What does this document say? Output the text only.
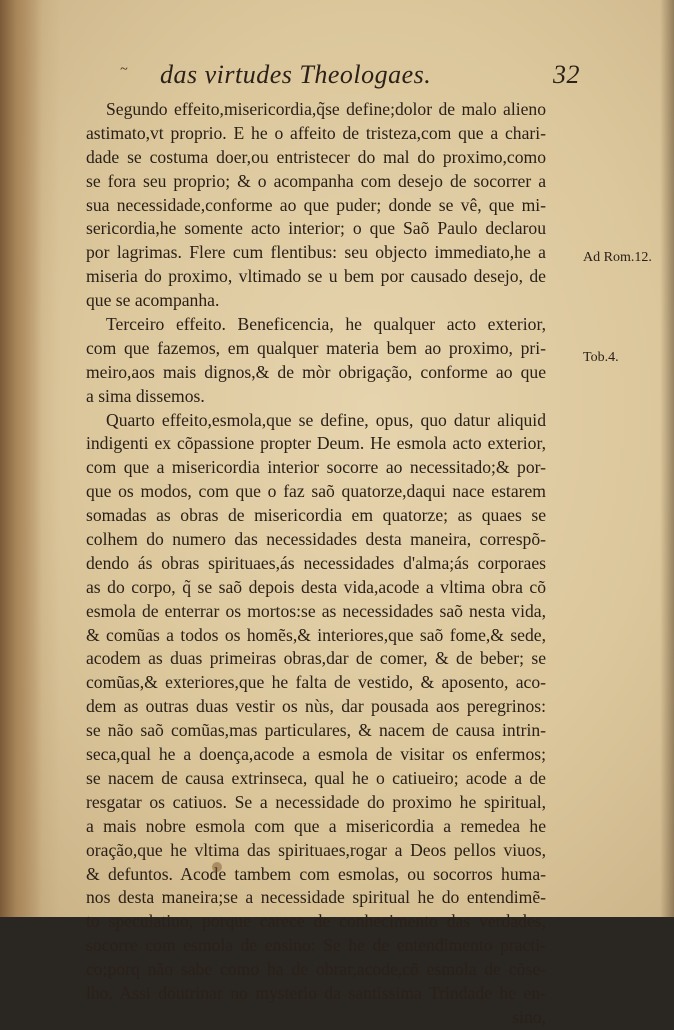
~ das virtudes Theologaes.	32
Segundo effeito,misericordia,q̃se define;dolor de malo alieno
astimato,vt proprio. E he o affeito de tristeza,com que a chari-
dade se costuma doer,ou entristecer do mal do proximo,como
se fora seu proprio; & o acompanha com desejo de socorrer a
sua necessidade,conforme ao que puder; donde se vê, que mi-
sericordia,he somente acto interior; o que Saõ Paulo declarou
por lagrimas. Flere cum flentibus: seu objecto immediato,he a
miseria do proximo, vltimado se u bem por causado desejo, de
que se acompanha.
Terceiro effeito. Beneficencia, he qualquer acto exterior,
com que fazemos, em qualquer materia bem ao proximo, pri-
meiro,aos mais dignos,& de mòr obrigação, conforme ao que
a sima dissemos.
Quarto effeito,esmola,que se define, opus, quo datur aliquid
indigenti ex cõpassione propter Deum. He esmola acto exterior,
com que a misericordia interior socorre ao necessitado;& por-
que os modos, com que o faz saõ quatorze,daqui nace estarem
somadas as obras de misericordia em quatorze; as quaes se
colhem do numero das necessidades desta maneira, correspõ-
dendo ás obras spirituaes,ás necessidades d'alma;ás corporaes
as do corpo, q̃ se saõ depois desta vida,acode a vltima obra cõ
esmola de enterrar os mortos:se as necessidades saõ nesta vida,
& comũas a todos os homẽs,& interiores,que saõ fome,& sede,
acodem as duas primeiras obras,dar de comer, & de beber; se
comũas,& exteriores,que he falta de vestido, & aposento, aco-
dem as outras duas vestir os nùs, dar pousada aos peregrinos:
se não saõ comũas,mas particulares, & nacem de causa intrin-
seca,qual he a doença,acode a esmola de visitar os enfermos;
se nacem de causa extrinseca, qual he o catiueiro; acode a de
resgatar os catiuos. Se a necessidade do proximo he spiritual,
a mais nobre esmola com que a misericordia a remedea he
oração,que he vltima das spirituaes,rogar a Deos pellos viuos,
& defuntos. Acode tambem com esmolas, ou socorros huma-
nos desta maneira;se a necessidade spiritual he do entendimẽ-
to speculatiuo, porque carece de conhecimento das verdades,
socorre com esmola de ensino: Se he de entendimento practi-
co;porq não sabe como ha de obrar,acode,cõ esmola de cõse-
lho. Assi doutrinar no mysterio da santissima Trindade he en-
sino,
Ad Rom.12.
Tob.4.
